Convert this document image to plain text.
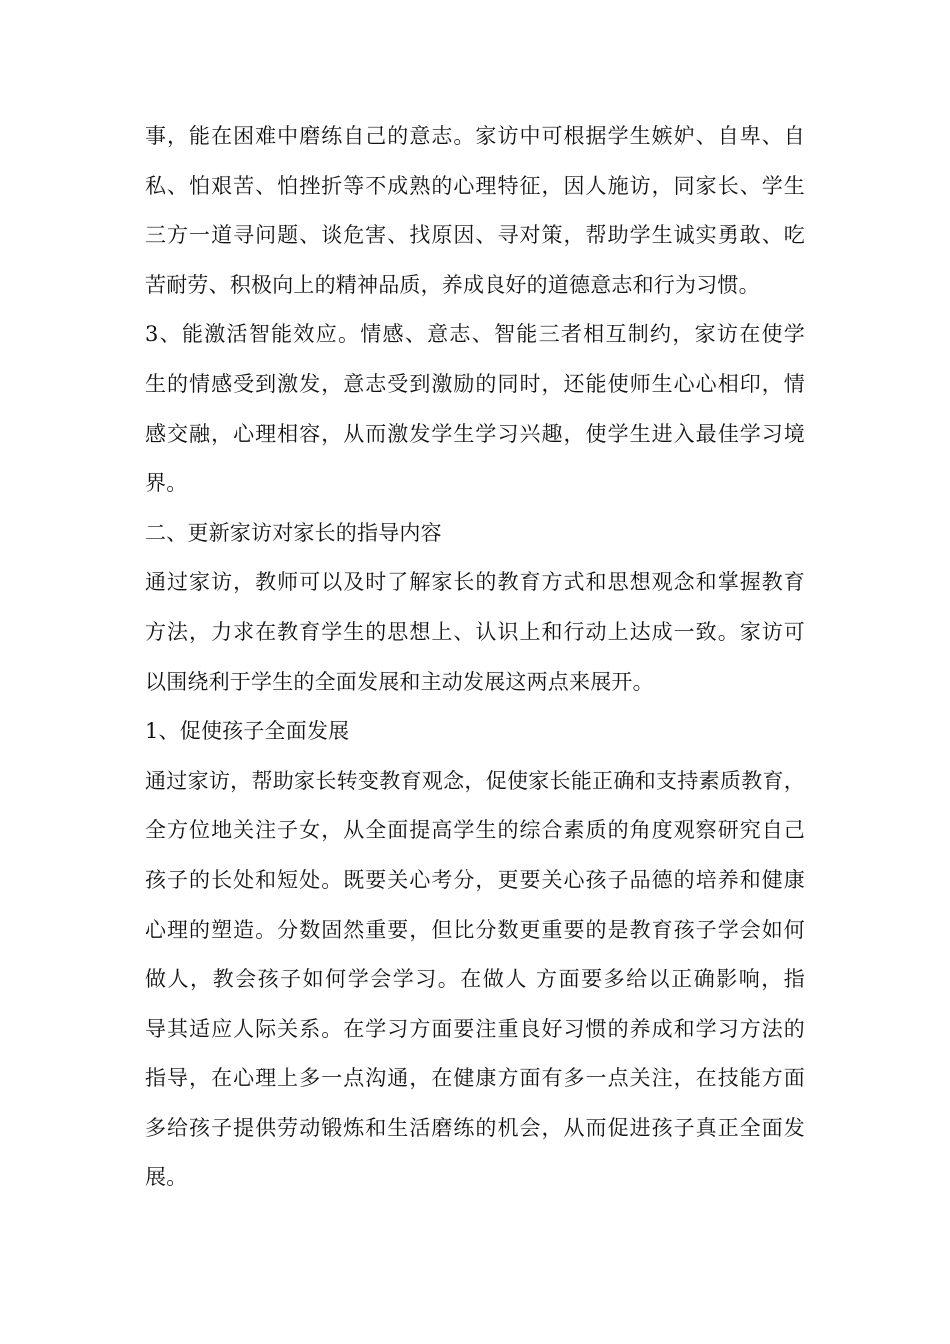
事，能在困难中磨练自己的意志。家访中可根据学生嫉妒、自卑、自
私、怕艰苦、怕挫折等不成熟的心理特征，因人施访，同家长、学生
三方一道寻问题、谈危害、找原因、寻对策，帮助学生诚实勇敢、吃
苦耐劳、积极向上的精神品质，养成良好的道德意志和行为习惯。
3、能激活智能效应。情感、意志、智能三者相互制约，家访在使学
生的情感受到激发，意志受到激励的同时，还能使师生心心相印，情
感交融，心理相容，从而激发学生学习兴趣，使学生进入最佳学习境
界。
二、更新家访对家长的指导内容
通过家访，教师可以及时了解家长的教育方式和思想观念和掌握教育
方法，力求在教育学生的思想上、认识上和行动上达成一致。家访可
以围绕利于学生的全面发展和主动发展这两点来展开。
1、促使孩子全面发展
通过家访，帮助家长转变教育观念，促使家长能正确和支持素质教育，
全方位地关注子女，从全面提高学生的综合素质的角度观察研究自己
孩子的长处和短处。既要关心考分，更要关心孩子品德的培养和健康
心理的塑造。分数固然重要，但比分数更重要的是教育孩子学会如何
做人，教会孩子如何学会学习。在做人 方面要多给以正确影响，指
导其适应人际关系。在学习方面要注重良好习惯的养成和学习方法的
指导，在心理上多一点沟通，在健康方面有多一点关注，在技能方面
多给孩子提供劳动锻炼和生活磨练的机会，从而促进孩子真正全面发
展。
